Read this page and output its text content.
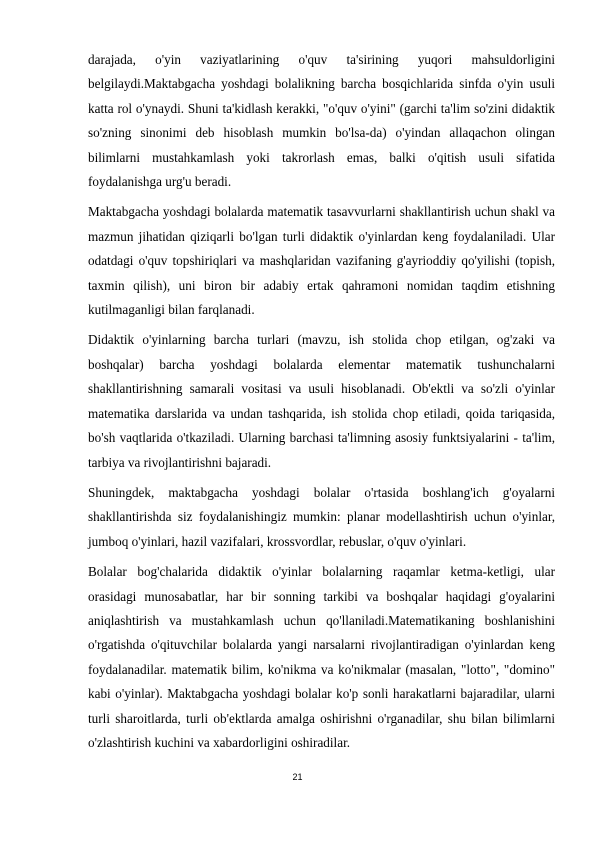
darajada, o'yin vaziyatlarining o'quv ta'sirining yuqori mahsuldorligini belgilaydi.Maktabgacha yoshdagi bolalikning barcha bosqichlarida sinfda o'yin usuli katta rol o'ynaydi. Shuni ta'kidlash kerakki, "o'quv o'yini" (garchi ta'lim so'zini didaktik so'zning sinonimi deb hisoblash mumkin bo'lsa-da) o'yindan allaqachon olingan bilimlarni mustahkamlash yoki takrorlash emas, balki o'qitish usuli sifatida foydalanishga urg'u beradi.

Maktabgacha yoshdagi bolalarda matematik tasavvurlarni shakllantirish uchun shakl va mazmun jihatidan qiziqarli bo'lgan turli didaktik o'yinlardan keng foydalaniladi. Ular odatdagi o'quv topshiriqlari va mashqlaridan vazifaning g'ayrioddiy qo'yilishi (topish, taxmin qilish), uni biron bir adabiy ertak qahramoni nomidan taqdim etishning kutilmaganligi bilan farqlanadi.

Didaktik o'yinlarning barcha turlari (mavzu, ish stolida chop etilgan, og'zaki va boshqalar) barcha yoshdagi bolalarda elementar matematik tushunchalarni shakllantirishning samarali vositasi va usuli hisoblanadi. Ob'ektli va so'zli o'yinlar matematika darslarida va undan tashqarida, ish stolida chop etiladi, qoida tariqasida, bo'sh vaqtlarida o'tkaziladi. Ularning barchasi ta'limning asosiy funktsiyalarini - ta'lim, tarbiya va rivojlantirishni bajaradi.

Shuningdek, maktabgacha yoshdagi bolalar o'rtasida boshlang'ich g'oyalarni shakllantirishda siz foydalanishingiz mumkin: planar modellashtirish uchun o'yinlar, jumboq o'yinlari, hazil vazifalari, krossvordlar, rebuslar, o'quv o'yinlari.

Bolalar bog'chalarida didaktik o'yinlar bolalarning raqamlar ketma-ketligi, ular orasidagi munosabatlar, har bir sonning tarkibi va boshqalar haqidagi g'oyalarini aniqlashtirish va mustahkamlash uchun qo'llaniladi.Matematikaning boshlanishini o'rgatishda o'qituvchilar bolalarda yangi narsalarni rivojlantiradigan o'yinlardan keng foydalanadilar. matematik bilim, ko'nikma va ko'nikmalar (masalan, "lotto", "domino" kabi o'yinlar). Maktabgacha yoshdagi bolalar ko'p sonli harakatlarni bajaradilar, ularni turli sharoitlarda, turli ob'ektlarda amalga oshirishni o'rganadilar, shu bilan bilimlarni o'zlashtirish kuchini va xabardorligini oshiradilar.

21
